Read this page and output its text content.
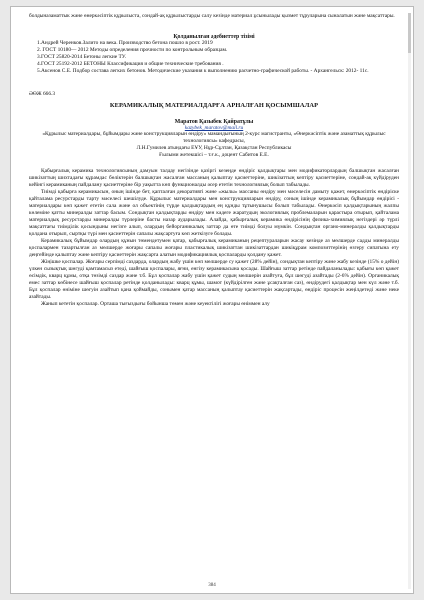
болдыназаматтык және өнеркәсіптік құрылыста, сондай-ақ құрылыстарды салу кезінде материал ұсынылады қызмет тұруларына сыналатын және мақсаттары.

Қолданылған әдебиеттер тізімі

1.Андрей Черенков.Залито на века. Производство бетона пошло в рост. 2019

2. ГОСТ 10180— 2012 Методы определения прочности по контрольным образцам.

3.ГОСТ 25820-2014 Бетоны легкие ТУ.

4.ГОСТ 25192-2012 БЕТОНЫ Классификация и общие технические требования .

5.Аксенов С.Е. Подбор состава легких бетонов. Методические указания к выполнению расчетно-графической работы. - Архангельск: 2012- 11с.

ӘӨЖ 666.3

КЕРАМИКАЛЫҚ МАТЕРИАЛДАРҒА АРНАЛҒАН ҚОСЫМШАЛАР

Маратов Қазыбек Қайратұлы

kazybek_maratov@mail.ru

«Құрылыс материалдары, бұйымдары және конструкцияларын өндіру» мамандығының 2-курс магистранты, «Өнеркәсіптік және азаматтық құрылыс технологиясы» кафедрасы,

Л.Н.Гумилев атындағы ЕҰУ, Нұр-Сұлтан, Қазақстан Республикасы

Ғылыми жетекшісі – т.ғ.к., доцент Сабитов Е.Е.

Қабырғалық керамика технологиясының дамуын талдау негізінде қазіргі кезеңде өндіріс қалдықтары мен модификаторлардың балшықтан жасалған шикізаттың шихтадағы құрамдас бөліктерін балшықтан жасалған массаның қалыптау қасиеттеріне, шикізаттың кептіру қасиеттеріне, сондай-ақ күйдіруден кейінгі керамиканың пайдалану қасиеттеріне бір уақытта көп функционалды әсер ететін технологиялық болып табылады.

Тиімді қабырға керамикасын, оның ішінде бет, қапталған декоративті және «жылы» массаны өндіру мен мәселесін дамыту қажет, өнеркәсіптік өндіріске қайталама ресурстарды тарту мәселесі шешілуде. Құрылыс материалдары мен конструкцияларын өндіру, соның ішінде керамикалық бұйымдар өндірісі - материалдары көп қажет ететін сала және ол объектінің түрде қалдықтардың ең құнды тұтынушысы болып табылады. Өнеркәсіп қалдықтарының жалпы көлеміне қатты минералды заттар басым. Сондықтан қалдықтарды өндіру мен кәдеге жаратудың экологиялық проблемаларын қарастыра отырып, қайталама материалдық ресурстарды минералды түрлеріне басты назар аударылады. Алайда, қабырғалық керамика өндірісінің физика-химиялық негіздері әр түрлі мақсаттағы тиімділік қосындыны негізге алып, олардың бейорганикалық заттар да өте тиімді болуы мүмкін. Сондықтан органо-минералды қалдықтарды қолдана отырып, сыртқы түрі мен қасиеттерін сапалы жақсартуға көп жеткізуге болады.

Керамикалық бұйымдар олардың құнын төмендетумен қатар, қабырғалық керамиканың рецептураларын жасау кезінде аз мөлшерде садды минералды қоспалармен тазартылған аз мөлшерде жоғары сапалы жоғары пластикалық шикізаттан шикізаттардан шикіқұрам композиттерінің өзгеру сипатына ету деңгейінде қалыптау және кептіру қасиеттерін жақсарта алатын модификациялық қоспаларды қолдану қажет.

Жіңішке қоспалар. Жоғары серпімді саздарда, олардың жабу үшін көп мөлшерде су қажет (28% дейін), сондықтан кептіру және жабу кезінде (15% о дейін) үлкен сызықтық шөгуді қамтамасыз етеді, шайғыш қоспалары, яғни, енгізу керамикасына қосады. Шайғыш заттар ретінде пайдаланылады: қабығы көп қажет өсімдік, кварц құмы, отқа төзімді саздар және т.б. Бұл қоспалар жабу үшін қажет судың мөлшерін азайтуға, бұл шөгуді азайтады (2-6% дейін). Органикалық емес заттар көбінесе шайғыш қоспалар ретінде қолданылады: кварц құмы, шамот (күйдірілген және ұсақталған саз), өндірудегі қалдықтар мен күл және т.б. Бұл қоспалар өніміне шөгуін азайтып қана қоймайды, сонымен қатар массаның қалыптау қасиеттерін жақсартады, өндіріс процесін жеңілдетеді және неке азайтады.

Жанып кететін қоспалар. Орташа тығыздығы бойынша төмен және кеуектілігі жоғары өніммен алу

384
